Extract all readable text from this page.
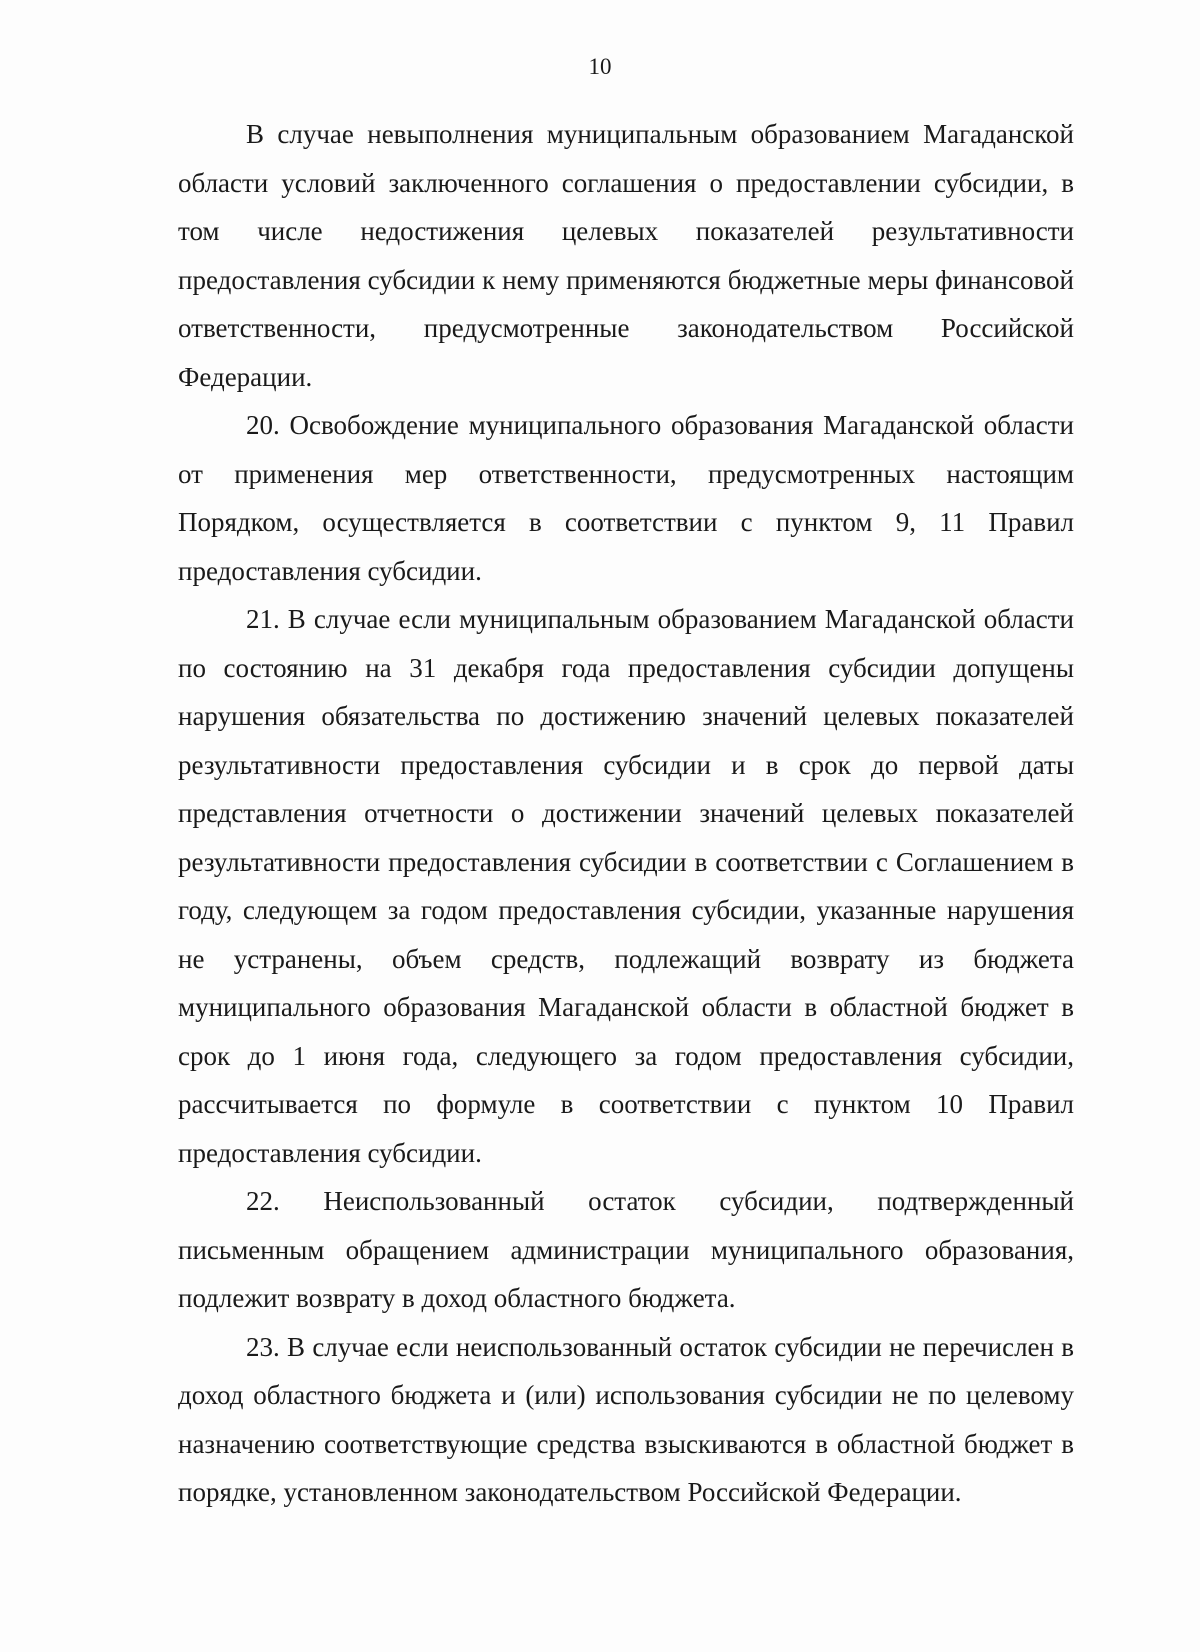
10

В случае невыполнения муниципальным образованием Магаданской области условий заключенного соглашения о предоставлении субсидии, в том числе недостижения целевых показателей результативности предоставления субсидии к нему применяются бюджетные меры финансовой ответственности, предусмотренные законодательством Российской Федерации.

20. Освобождение муниципального образования Магаданской области от применения мер ответственности, предусмотренных настоящим Порядком, осуществляется в соответствии с пунктом 9, 11 Правил предоставления субсидии.

21. В случае если муниципальным образованием Магаданской области по состоянию на 31 декабря года предоставления субсидии допущены нарушения обязательства по достижению значений целевых показателей результативности предоставления субсидии и в срок до первой даты представления отчетности о достижении значений целевых показателей результативности предоставления субсидии в соответствии с Соглашением в году, следующем за годом предоставления субсидии, указанные нарушения не устранены, объем средств, подлежащий возврату из бюджета муниципального образования Магаданской области в областной бюджет в срок до 1 июня года, следующего за годом предоставления субсидии, рассчитывается по формуле в соответствии с пунктом 10 Правил предоставления субсидии.

22. Неиспользованный остаток субсидии, подтвержденный письменным обращением администрации муниципального образования, подлежит возврату в доход областного бюджета.

23. В случае если неиспользованный остаток субсидии не перечислен в доход областного бюджета и (или) использования субсидии не по целевому назначению соответствующие средства взыскиваются в областной бюджет в порядке, установленном законодательством Российской Федерации.
